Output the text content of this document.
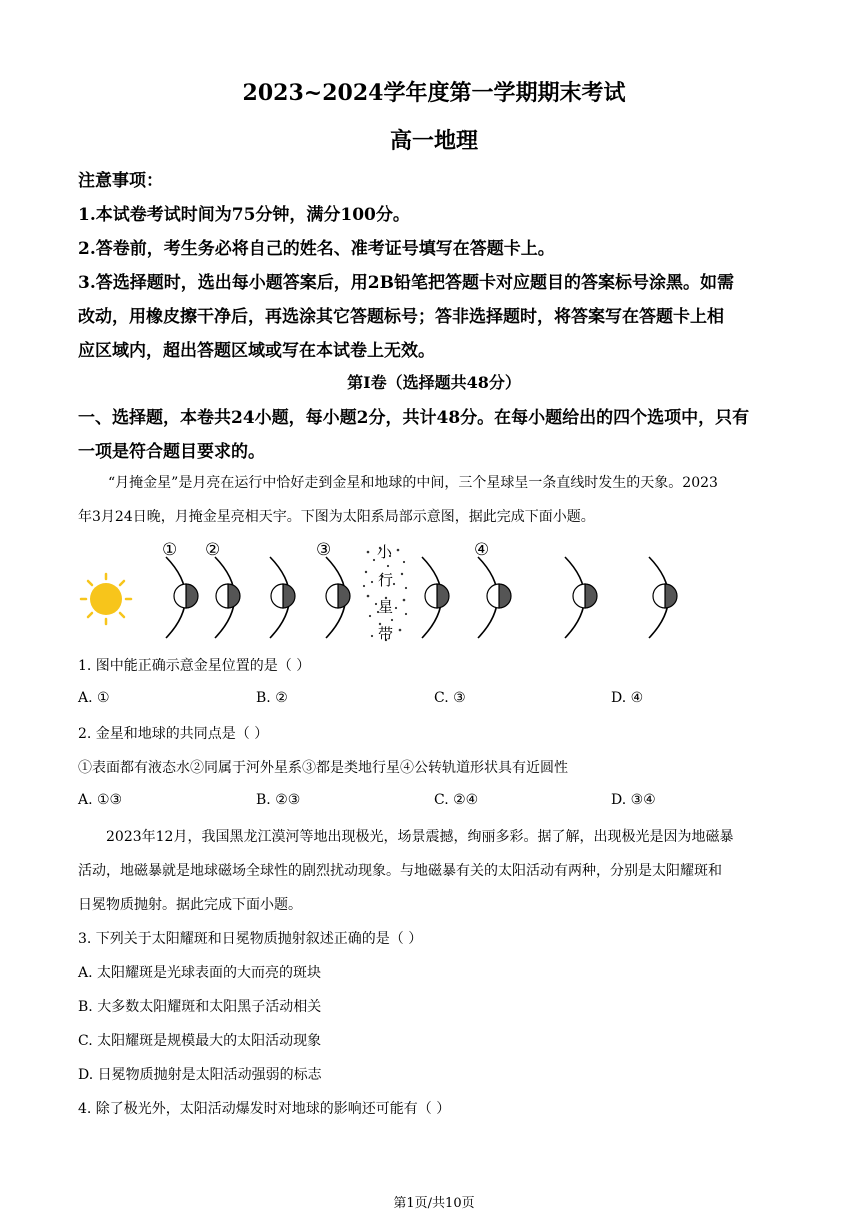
2023~2024学年度第一学期期末考试
高一地理
注意事项：
1.本试卷考试时间为75分钟，满分100分。
2.答卷前，考生务必将自己的姓名、准考证号填写在答题卡上。
3.答选择题时，选出每小题答案后，用2B铅笔把答题卡对应题目的答案标号涂黑。如需
改动，用橡皮擦干净后，再选涂其它答题标号；答非选择题时，将答案写在答题卡上相
应区域内，超出答题区域或写在本试卷上无效。
第Ⅰ卷（选择题共48分）
一、选择题，本卷共24小题，每小题2分，共计48分。在每小题给出的四个选项中，只有
一项是符合题目要求的。
“月掩金星”是月亮在运行中恰好走到金星和地球的中间，三个星球呈一条直线时发生的天象。2023
年3月24日晚，月掩金星亮相天宇。下图为太阳系局部示意图，据此完成下面小题。
① ②	③	④
小
行
星
带
1. 图中能正确示意金星位置的是（ ）
A. ①	B. ②	C. ③	D. ④
2. 金星和地球的共同点是（ ）
①表面都有液态水②同属于河外星系③都是类地行星④公转轨道形状具有近圆性
A. ①③	B. ②③	C. ②④	D. ③④
2023年12月，我国黑龙江漠河等地出现极光，场景震撼，绚丽多彩。据了解，出现极光是因为地磁暴
活动，地磁暴就是地球磁场全球性的剧烈扰动现象。与地磁暴有关的太阳活动有两种，分别是太阳耀斑和
日冕物质抛射。据此完成下面小题。
3. 下列关于太阳耀斑和日冕物质抛射叙述正确的是（ ）
A. 太阳耀斑是光球表面的大而亮的斑块
B. 大多数太阳耀斑和太阳黑子活动相关
C. 太阳耀斑是规模最大的太阳活动现象
D. 日冕物质抛射是太阳活动强弱的标志
4. 除了极光外，太阳活动爆发时对地球的影响还可能有（ ）
第1页/共10页
